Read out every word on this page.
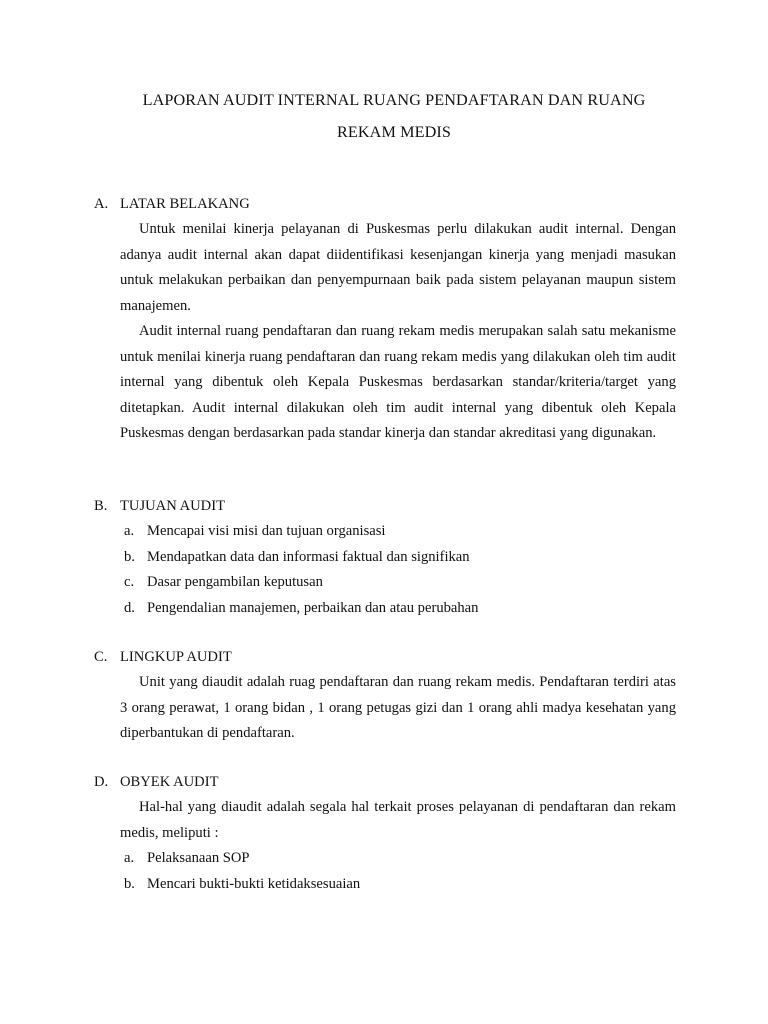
LAPORAN AUDIT INTERNAL RUANG PENDAFTARAN DAN RUANG
REKAM MEDIS
A. LATAR BELAKANG

Untuk menilai kinerja pelayanan di Puskesmas perlu dilakukan audit internal. Dengan adanya audit internal akan dapat diidentifikasi kesenjangan kinerja yang menjadi masukan untuk melakukan perbaikan dan penyempurnaan baik pada sistem pelayanan maupun sistem manajemen.

Audit internal ruang pendaftaran dan ruang rekam medis merupakan salah satu mekanisme untuk menilai kinerja ruang pendaftaran dan ruang rekam medis yang dilakukan oleh tim audit internal yang dibentuk oleh Kepala Puskesmas berdasarkan standar/kriteria/target yang ditetapkan. Audit internal dilakukan oleh tim audit internal yang dibentuk oleh Kepala Puskesmas dengan berdasarkan pada standar kinerja dan standar akreditasi yang digunakan.

B. TUJUAN AUDIT
a. Mencapai visi misi dan tujuan organisasi
b. Mendapatkan data dan informasi faktual dan signifikan
c. Dasar pengambilan keputusan
d. Pengendalian manajemen, perbaikan dan atau perubahan
C. LINGKUP AUDIT

Unit yang diaudit adalah ruag pendaftaran dan ruang rekam medis. Pendaftaran terdiri atas 3 orang perawat, 1 orang bidan , 1 orang petugas gizi dan 1 orang ahli madya kesehatan yang diperbantukan di pendaftaran.

D. OBYEK AUDIT

Hal-hal yang diaudit adalah segala hal terkait proses pelayanan di pendaftaran dan rekam medis, meliputi :

a. Pelaksanaan SOP
b. Mencari bukti-bukti ketidaksesuaian
